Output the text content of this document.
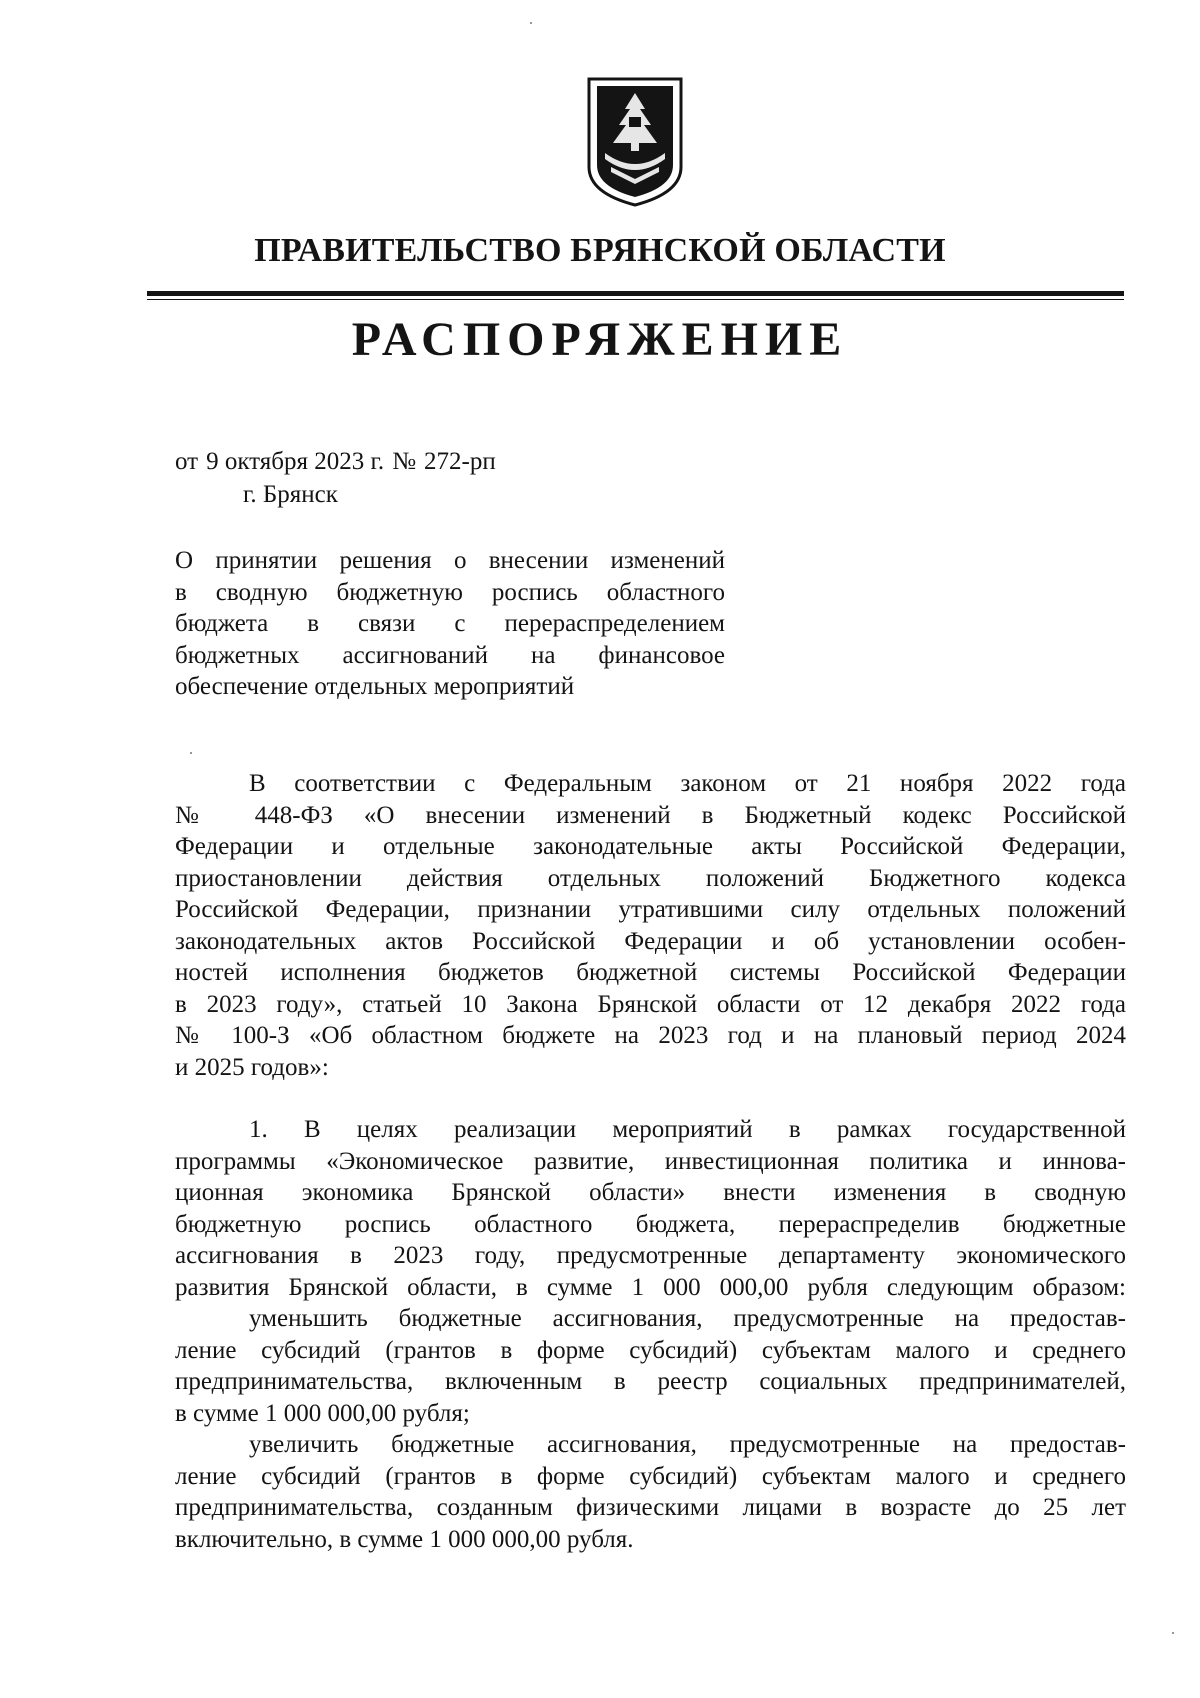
ПРАВИТЕЛЬСТВО БРЯНСКОЙ ОБЛАСТИ
РАСПОРЯЖЕНИЕ
от 9 октября 2023 г. № 272-рп
г. Брянск
О принятии решения о внесении изменений
в сводную бюджетную роспись областного
бюджета в связи с перераспределением
бюджетных ассигнований на финансовое
обеспечение отдельных мероприятий

В соответствии с Федеральным законом от 21 ноября 2022 года
№ 448-ФЗ «О внесении изменений в Бюджетный кодекс Российской
Федерации и отдельные законодательные акты Российской Федерации,
приостановлении действия отдельных положений Бюджетного кодекса
Российской Федерации, признании утратившими силу отдельных положений
законодательных актов Российской Федерации и об установлении особен-
ностей исполнения бюджетов бюджетной системы Российской Федерации
в 2023 году», статьей 10 Закона Брянской области от 12 декабря 2022 года
№ 100-З «Об областном бюджете на 2023 год и на плановый период 2024
и 2025 годов»:

1. В целях реализации мероприятий в рамках государственной
программы «Экономическое развитие, инвестиционная политика и иннова-
ционная экономика Брянской области» внести изменения в сводную
бюджетную роспись областного бюджета, перераспределив бюджетные
ассигнования в 2023 году, предусмотренные департаменту экономического
развития Брянской области, в сумме 1 000 000,00 рубля следующим образом:

уменьшить бюджетные ассигнования, предусмотренные на предостав-
ление субсидий (грантов в форме субсидий) субъектам малого и среднего
предпринимательства, включенным в реестр социальных предпринимателей,
в сумме 1 000 000,00 рубля;

увеличить бюджетные ассигнования, предусмотренные на предостав-
ление субсидий (грантов в форме субсидий) субъектам малого и среднего
предпринимательства, созданным физическими лицами в возрасте до 25 лет
включительно, в сумме 1 000 000,00 рубля.
